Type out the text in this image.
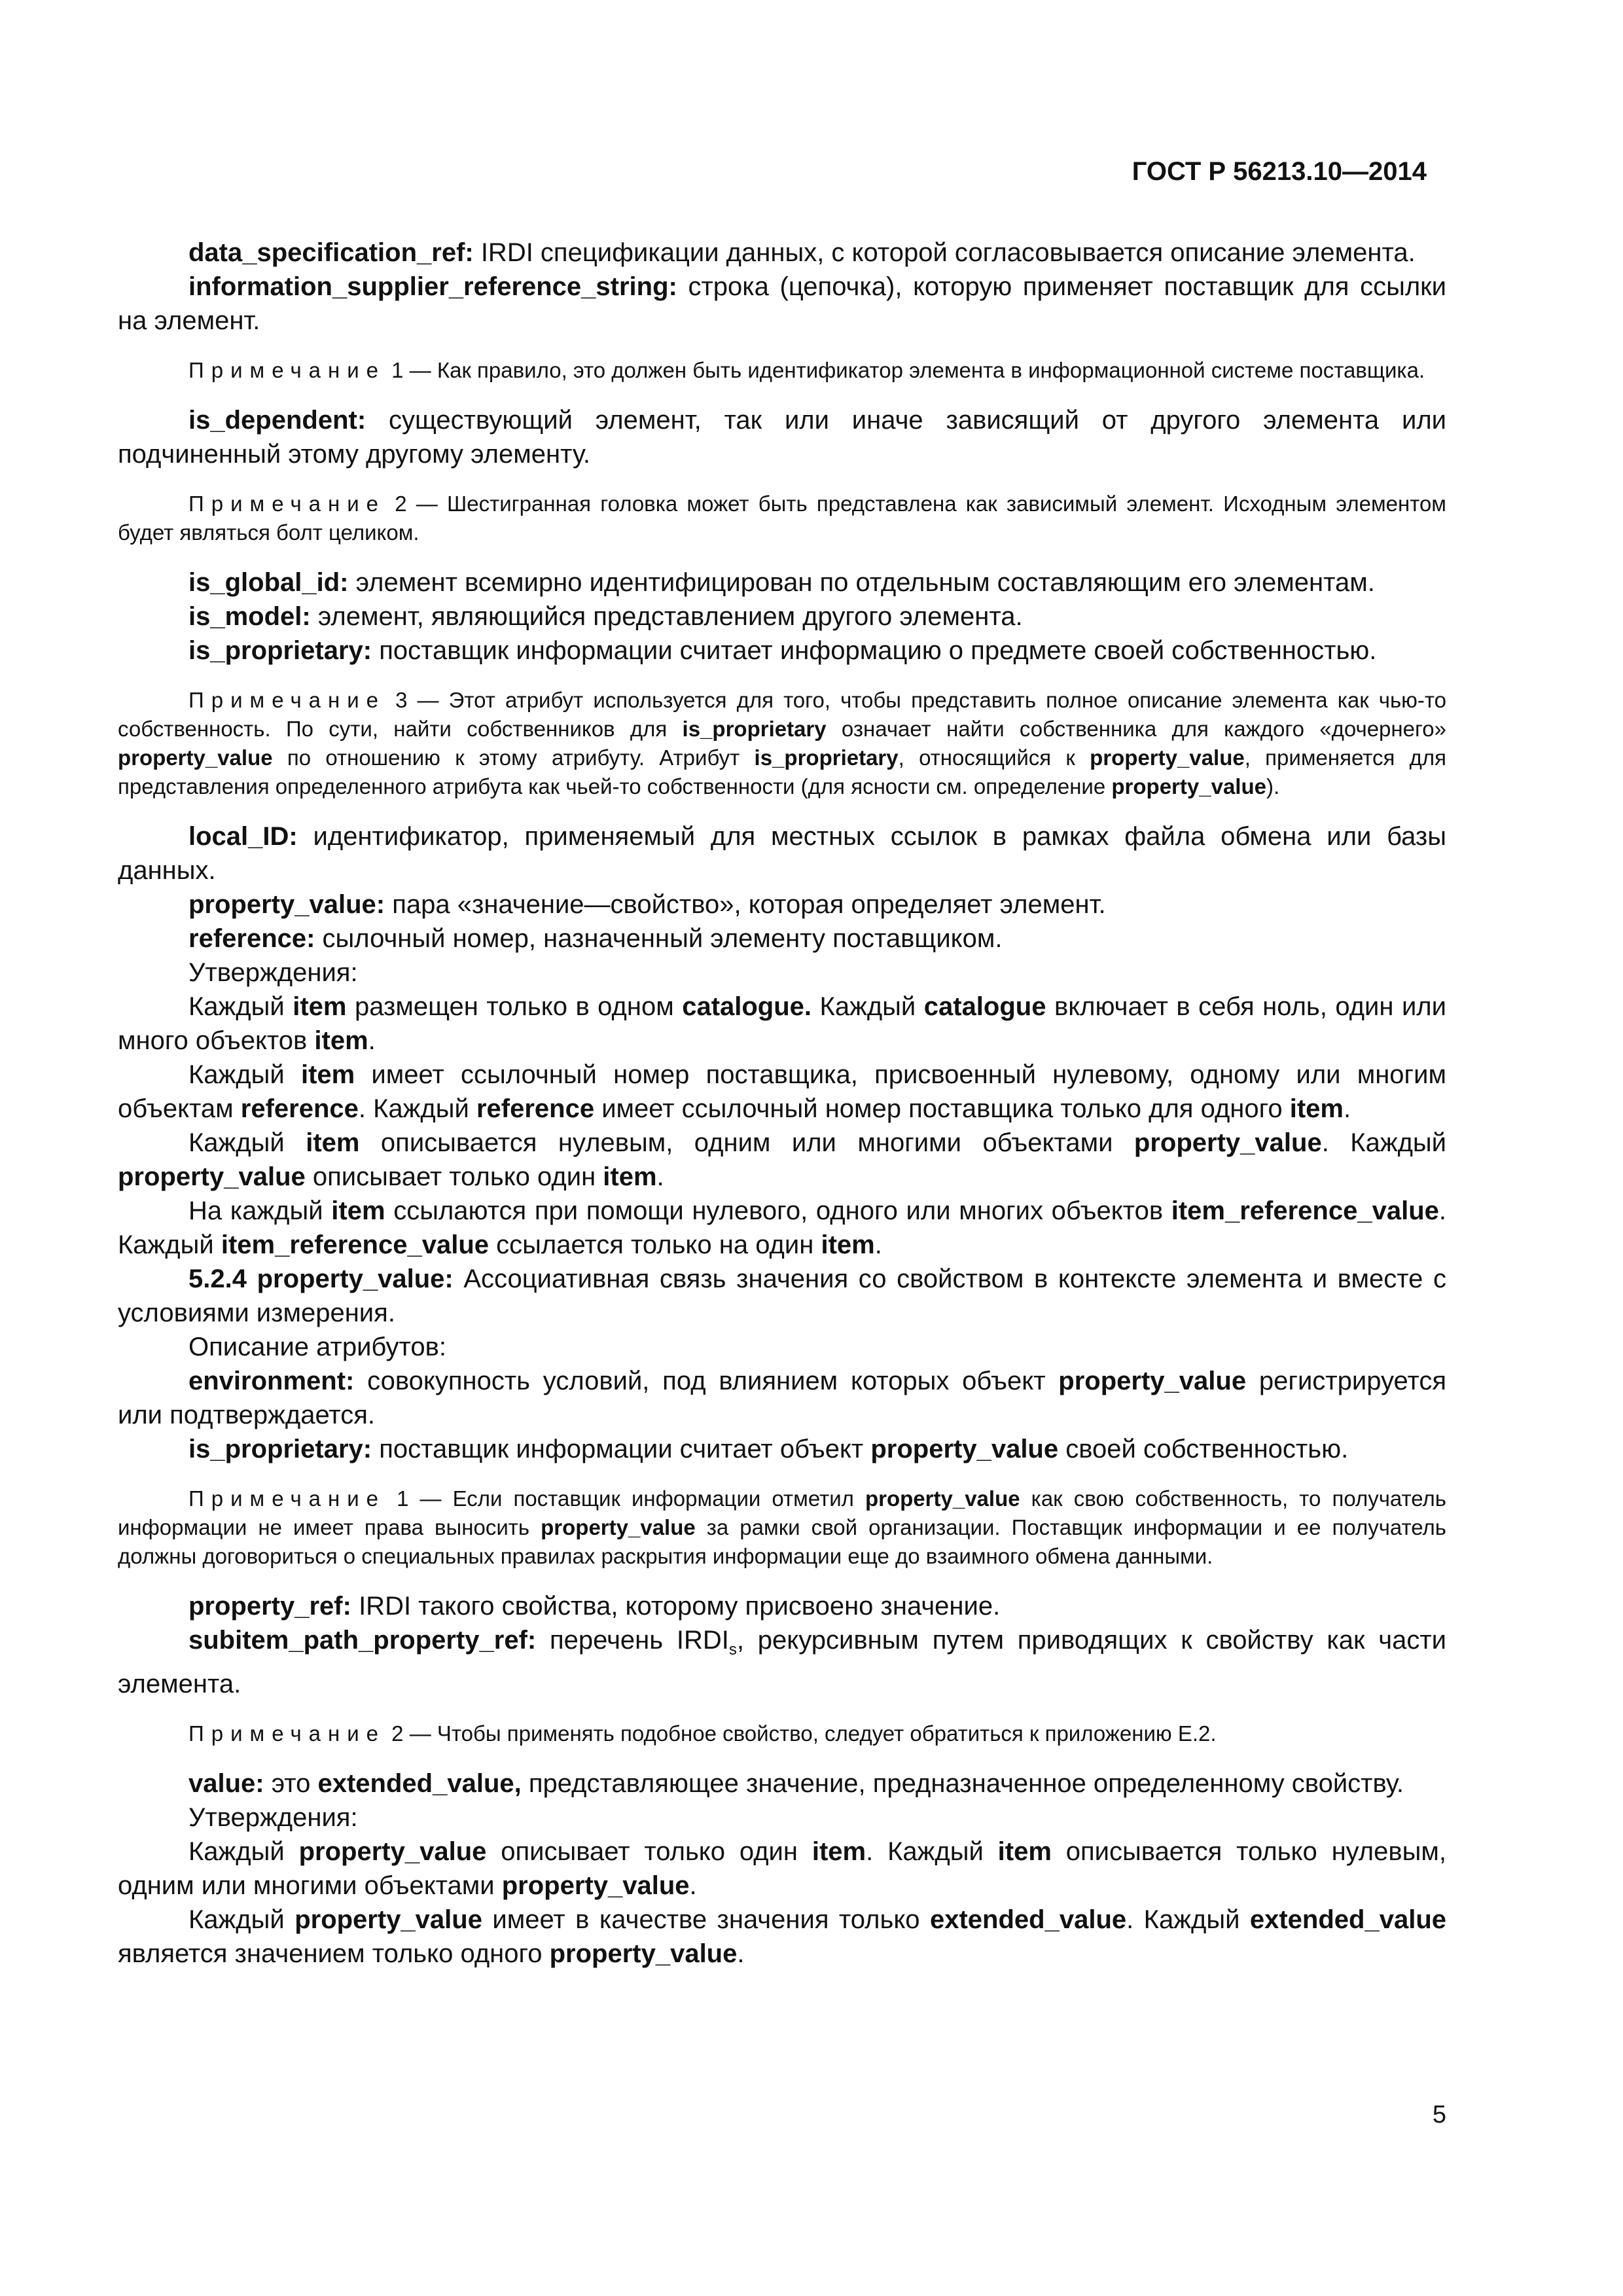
ГОСТ Р 56213.10—2014

data_specification_ref: IRDI спецификации данных, с которой согласовывается описание элемента.

information_supplier_reference_string: строка (цепочка), которую применяет поставщик для ссылки на элемент.

Примечание 1 — Как правило, это должен быть идентификатор элемента в информационной системе поставщика.

is_dependent: существующий элемент, так или иначе зависящий от другого элемента или подчиненный этому другому элементу.

Примечание 2 — Шестигранная головка может быть представлена как зависимый элемент. Исходным элементом будет являться болт целиком.

is_global_id: элемент всемирно идентифицирован по отдельным составляющим его элементам.

is_model: элемент, являющийся представлением другого элемента.

is_proprietary: поставщик информации считает информацию о предмете своей собственностью.

Примечание 3 — Этот атрибут используется для того, чтобы представить полное описание элемента как чью-то собственность. По сути, найти собственников для is_proprietary означает найти собственника для каждого «дочернего» property_value по отношению к этому атрибуту. Атрибут is_proprietary, относящийся к property_value, применяется для представления определенного атрибута как чьей-то собственности (для ясности см. определение property_value).

local_ID: идентификатор, применяемый для местных ссылок в рамках файла обмена или базы данных.

property_value: пара «значение—свойство», которая определяет элемент.

reference: сылочный номер, назначенный элементу поставщиком.

Утверждения:

Каждый item размещен только в одном catalogue. Каждый catalogue включает в себя ноль, один или много объектов item.

Каждый item имеет ссылочный номер поставщика, присвоенный нулевому, одному или многим объектам reference. Каждый reference имеет ссылочный номер поставщика только для одного item.

Каждый item описывается нулевым, одним или многими объектами property_value. Каждый property_value описывает только один item.

На каждый item ссылаются при помощи нулевого, одного или многих объектов item_reference_value. Каждый item_reference_value ссылается только на один item.

5.2.4 property_value: Ассоциативная связь значения со свойством в контексте элемента и вместе с условиями измерения.

Описание атрибутов:

environment: совокупность условий, под влиянием которых объект property_value регистрируется или подтверждается.

is_proprietary: поставщик информации считает объект property_value своей собственностью.

Примечание 1 — Если поставщик информации отметил property_value как свою собственность, то получатель информации не имеет права выносить property_value за рамки свой организации. Поставщик информации и ее получатель должны договориться о специальных правилах раскрытия информации еще до взаимного обмена данными.

property_ref: IRDI такого свойства, которому присвоено значение.

subitem_path_property_ref: перечень $IRDI_s$, рекурсивным путем приводящих к свойству как части элемента.

Примечание 2 — Чтобы применять подобное свойство, следует обратиться к приложению Е.2.

value: это extended_value, представляющее значение, предназначенное определенному свойству.

Утверждения:

Каждый property_value описывает только один item. Каждый item описывается только нулевым, одним или многими объектами property_value.

Каждый property_value имеет в качестве значения только extended_value. Каждый extended_value является значением только одного property_value.

5
